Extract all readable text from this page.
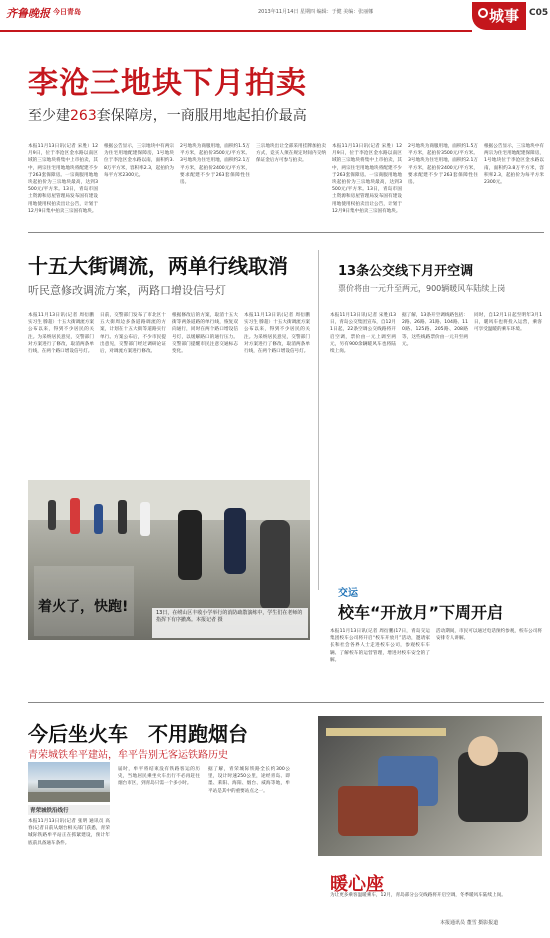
齐鲁晚报 今日青岛	2013年11月14日 星期四 编辑：于健 美编：张丽娜	城事 C05
李沧三地块下月拍卖
至少建263套保障房，一商服用地起拍价最高
本报11月13日讯(记者 宋胜）12月9日，位于李沧区金水路以南区域的三宗地块将集中上市拍卖，其中，两宗住宅用地地块将配建不少于263套保障房。一宗商服用地地块起拍价为三宗地块最高，达到3500元/平方米。13日，青岛市国土资源和房屋管理局发布国有建设用地使用权拍卖出让公告，计划于12月9日集中拍卖三宗国有地块。
根据公告显示，三宗地块中有两宗为住宅用地配建保障房，1号地块位于李沧区金水路以南，面积约3.8万平方米，容积率2.3，起拍价为每平方米2300元。
2号地块为商服用地，面积约1.5万平方米，起拍价3500元/平方米。3号地块为住宅用地，面积约2.1万平方米，起拍价2400元/平方米，要求配建不少于263套保障性住房。
三宗地块出让全部采用挂牌加拍卖方式，竞买人须在规定时间内交纳保证金后方可参与拍卖。
本报11月13日讯(记者 宋胜）12月9日，位于李沧区金水路以南区域的三宗地块将集中上市拍卖，其中，两宗住宅用地地块将配建不少于263套保障房。一宗商服用地地块起拍价为三宗地块最高，达到3500元/平方米。13日，青岛市国土资源和房屋管理局发布国有建设用地使用权拍卖出让公告，计划于12月9日集中拍卖三宗国有地块。
2号地块为商服用地，面积约1.5万平方米，起拍价3500元/平方米。3号地块为住宅用地，面积约2.1万平方米，起拍价2400元/平方米，要求配建不少于263套保障性住房。
根据公告显示，三宗地块中有两宗为住宅用地配建保障房，1号地块位于李沧区金水路以南，面积约3.8万平方米，容积率2.3，起拍价为每平方米2300元。
十五大街调流，两单行线取消
听民意修改调流方案，两路口增设信号灯
本报11月13日讯(记者 周衍鹏 实习生 滕超）十五大街调流方案公布以来，得到不少居民的关注。为采纳居民意见，交警部门对方案进行了修改，取消两条单行线，在两个路口增设信号灯。
日前，交警部门发布了市北区十五大街周边多条道路调流的方案，计划在十五大街等道路实行单行。方案公布后，不少市民提出意见，交警部门经过调研论证后，对调流方案进行修改。
根据修改后的方案，取消十五大街等两条道路的单行线，恢复双向通行，同时在两个路口增设信号灯，以缓解路口的通行压力。交警部门提醒市民注意交通标志变化。
本报11月13日讯(记者 周衍鹏 实习生 滕超）十五大街调流方案公布以来，得到不少居民的关注。为采纳居民意见，交警部门对方案进行了修改，取消两条单行线，在两个路口增设信号灯。
着火了，快跑!	13日，在崂山区丰收小学举行的消防疏散演练中，学生们在老师的指挥下有序撤离。本报记者 摄
13条公交线下月开空调
票价将由一元升至两元，900辆暖风车陆续上岗
本报11月13日讯(记者 宋胜)13日，青岛公交集团宣布，自12月1日起，22条空调公交线路将开启空调，票价由一元上调至两元，另有900余辆暖风车也将陆续上岗。
据了解，13条开空调线路包括：2路、26路、31路、104路、110路、125路、205路、208路等，这些线路票价由一元升至两元。
同时，自12月1日起至明年3月1日，暖风车也将投入运营，乘客可享受温暖的乘车环境。
交运
校车“开放月”下周开启
本报11月13日讯(记者 周衍鹏)17日，青岛交运集团校车公司将开启“校车开放月”活动，邀请家长和社会各界人士走进校车公司，参观校车车辆、了解校车的运营管理，增进对校车安全的了解。
活动期间，市民可以通过电话预约参观，校车公司将安排专人讲解。
今后坐火车　不用跑烟台
青荣城铁牟平建站，牟平告别无客运铁路历史
青荣城铁沿线行
本报11月13日讯(记者 张明 通讯员 高春)记者日前从烟台相关部门获悉，青荣城际铁路牟平站正在抓紧建设，预计年底前具备通车条件。
届时，牟平将结束没有铁路客运的历史，当地居民乘坐火车出行不必再赶往烟台市区，到青岛只需一个多小时。
据了解，青荣城际铁路全长约300公里，设计时速250公里，途经青岛、即墨、莱阳、海阳、烟台、威海等地，牟平站是其中的重要站点之一。
暖心座
为让更多乘客温暖乘车，12月，青岛部分公交线路将开启空调，冬季暖风车陆续上岗。
本报通讯员 董雪 摄影报道
